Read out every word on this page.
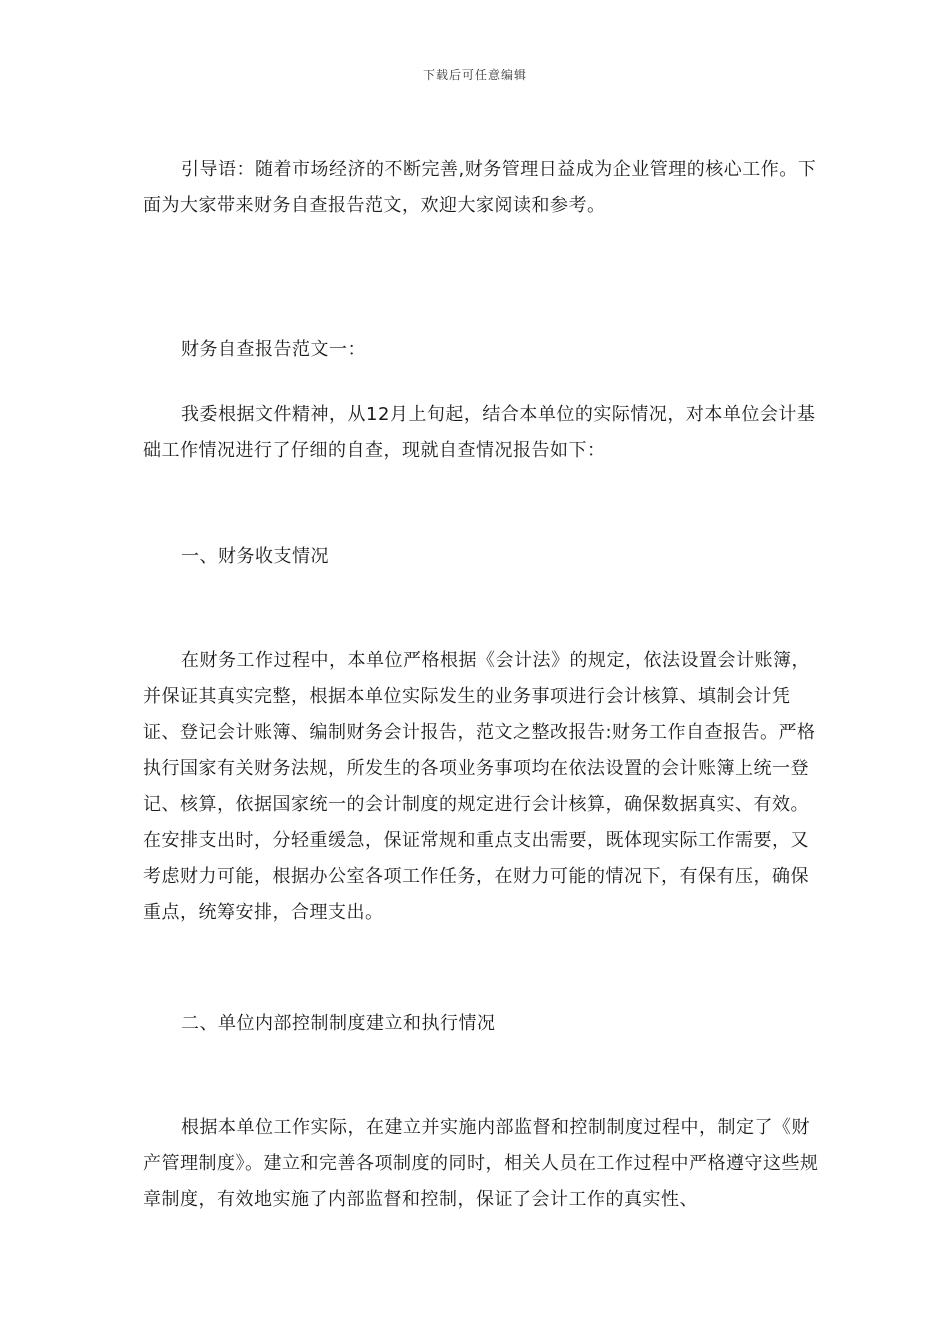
下载后可任意编辑

引导语：随着市场经济的不断完善,财务管理日益成为企业管理的核心工作。下面为大家带来财务自查报告范文，欢迎大家阅读和参考。

财务自查报告范文一：

我委根据文件精神，从12月上旬起，结合本单位的实际情况，对本单位会计基础工作情况进行了仔细的自查，现就自查情况报告如下：

一、财务收支情况

在财务工作过程中，本单位严格根据《会计法》的规定，依法设置会计账簿，并保证其真实完整，根据本单位实际发生的业务事项进行会计核算、填制会计凭证、登记会计账簿、编制财务会计报告，范文之整改报告:财务工作自查报告。严格执行国家有关财务法规，所发生的各项业务事项均在依法设置的会计账簿上统一登记、核算，依据国家统一的会计制度的规定进行会计核算，确保数据真实、有效。在安排支出时，分轻重缓急，保证常规和重点支出需要，既体现实际工作需要，又考虑财力可能，根据办公室各项工作任务，在财力可能的情况下，有保有压，确保重点，统筹安排，合理支出。

二、单位内部控制制度建立和执行情况

根据本单位工作实际，在建立并实施内部监督和控制制度过程中，制定了《财产管理制度》。建立和完善各项制度的同时，相关人员在工作过程中严格遵守这些规章制度，有效地实施了内部监督和控制，保证了会计工作的真实性、
